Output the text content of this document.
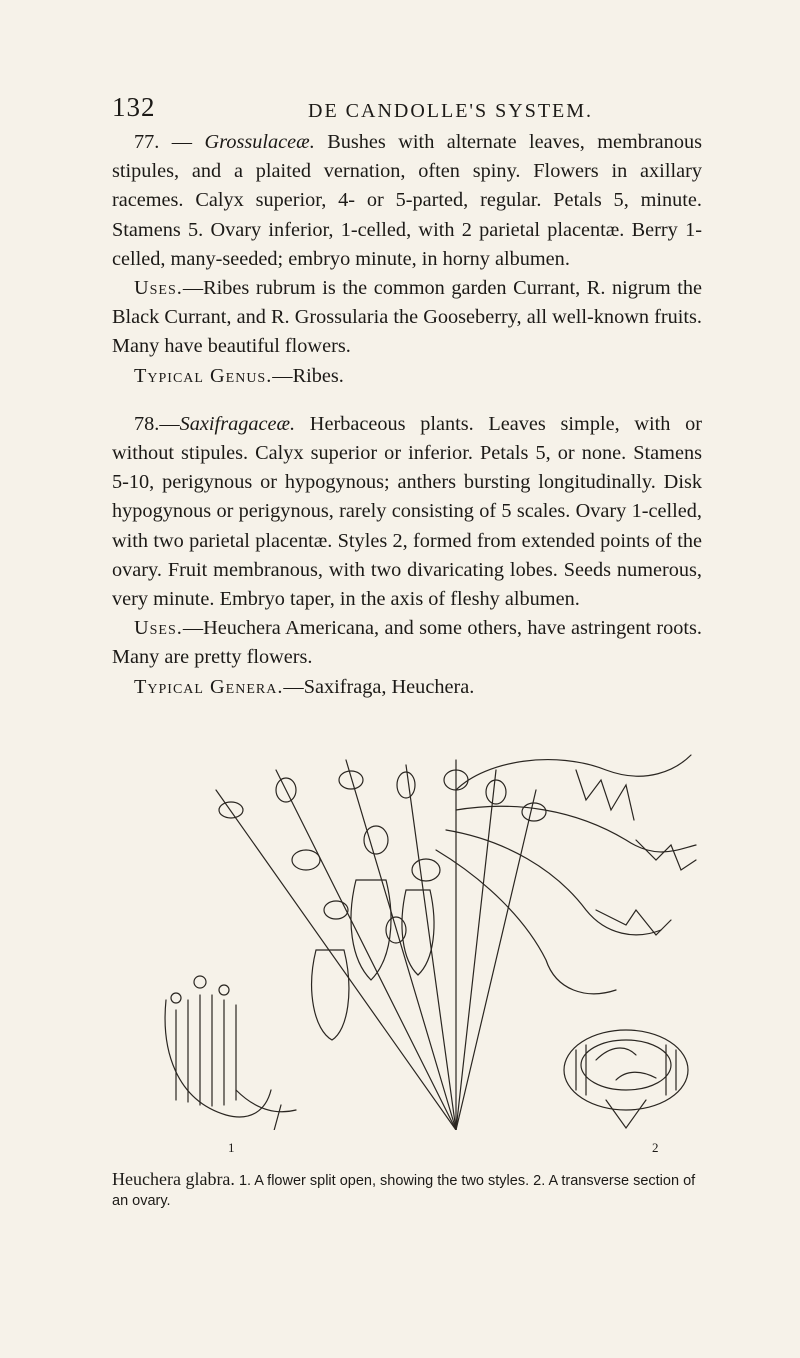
132	DE CANDOLLE'S SYSTEM.

77. — Grossulaceæ. Bushes with alternate leaves, membranous stipules, and a plaited vernation, often spiny. Flowers in axillary racemes. Calyx superior, 4- or 5-parted, regular. Petals 5, minute. Stamens 5. Ovary inferior, 1-celled, with 2 parietal placentæ. Berry 1-celled, many-seeded; embryo minute, in horny albumen.

Uses.—Ribes rubrum is the common garden Currant, R. nigrum the Black Currant, and R. Grossularia the Gooseberry, all well-known fruits. Many have beautiful flowers.

Typical Genus.—Ribes.

78.—Saxifragaceæ. Herbaceous plants. Leaves simple, with or without stipules. Calyx superior or inferior. Petals 5, or none. Stamens 5-10, perigynous or hypogynous; anthers bursting longitudinally. Disk hypogynous or perigynous, rarely consisting of 5 scales. Ovary 1-celled, with two parietal placentæ. Styles 2, formed from extended points of the ovary. Fruit membranous, with two divaricating lobes. Seeds numerous, very minute. Embryo taper, in the axis of fleshy albumen.

Uses.—Heuchera Americana, and some others, have astringent roots. Many are pretty flowers.

Typical Genera.—Saxifraga, Heuchera.

1	2

Heuchera glabra. 1. A flower split open, showing the two styles. 2. A transverse section of an ovary.
